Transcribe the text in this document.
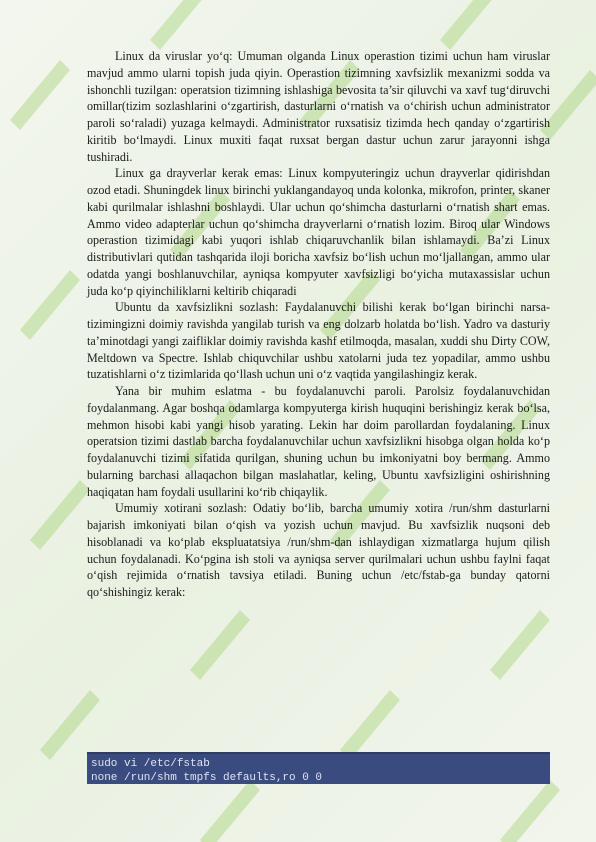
Linux da viruslar yo‘q: Umuman olganda Linux operastion tizimi uchun ham viruslar mavjud ammo ularni topish juda qiyin. Operastion tizimning xavfsizlik mexanizmi sodda va ishonchli tuzilgan: operatsion tizimning ishlashiga bevosita ta’sir qiluvchi va xavf tug‘diruvchi omillar(tizim sozlashlarini o‘zgartirish, dasturlarni o‘rnatish va o‘chirish uchun administrator paroli so‘raladi) yuzaga kelmaydi. Administrator ruxsatisiz tizimda hech qanday o‘zgartirish kiritib bo‘lmaydi. Linux muxiti faqat ruxsat bergan dastur uchun zarur jarayonni ishga tushiradi.

Linux ga drayverlar kerak emas: Linux kompyuteringiz uchun drayverlar qidirishdan ozod etadi. Shuningdek linux birinchi yuklangandayoq unda kolonka, mikrofon, printer, skaner kabi qurilmalar ishlashni boshlaydi. Ular uchun qo‘shimcha dasturlarni o‘rnatish shart emas. Ammo video adapterlar uchun qo‘shimcha drayverlarni o‘rnatish lozim. Biroq ular Windows operastion tizimidagi kabi yuqori ishlab chiqaruvchanlik bilan ishlamaydi. Ba’zi Linux distributivlari qutidan tashqarida iloji boricha xavfsiz bo‘lish uchun mo‘ljallangan, ammo ular odatda yangi boshlanuvchilar, ayniqsa kompyuter xavfsizligi bo‘yicha mutaxassislar uchun juda ko‘p qiyinchiliklarni keltirib chiqaradi

Ubuntu da xavfsizlikni sozlash: Faydalanuvchi bilishi kerak bo‘lgan birinchi narsa-tizimingizni doimiy ravishda yangilab turish va eng dolzarb holatda bo‘lish. Yadro va dasturiy ta’minotdagi yangi zaifliklar doimiy ravishda kashf etilmoqda, masalan, xuddi shu Dirty COW, Meltdown va Spectre. Ishlab chiquvchilar ushbu xatolarni juda tez yopadilar, ammo ushbu tuzatishlarni o‘z tizimlarida qo‘llash uchun uni o‘z vaqtida yangilashingiz kerak.

Yana bir muhim eslatma - bu foydalanuvchi paroli. Parolsiz foydalanuvchidan foydalanmang. Agar boshqa odamlarga kompyuterga kirish huquqini berishingiz kerak bo‘lsa, mehmon hisobi kabi yangi hisob yarating. Lekin har doim parollardan foydalaning. Linux operatsion tizimi dastlab barcha foydalanuvchilar uchun xavfsizlikni hisobga olgan holda ko‘p foydalanuvchi tizimi sifatida qurilgan, shuning uchun bu imkoniyatni boy bermang. Ammo bularning barchasi allaqachon bilgan maslahatlar, keling, Ubuntu xavfsizligini oshirishning haqiqatan ham foydali usullarini ko‘rib chiqaylik.

Umumiy xotirani sozlash: Odatiy bo‘lib, barcha umumiy xotira /run/shm dasturlarni bajarish imkoniyati bilan o‘qish va yozish uchun mavjud. Bu xavfsizlik nuqsoni deb hisoblanadi va ko‘plab ekspluatatsiya /run/shm-dan ishlaydigan xizmatlarga hujum qilish uchun foydalanadi. Ko‘pgina ish stoli va ayniqsa server qurilmalari uchun ushbu faylni faqat o‘qish rejimida o‘rnatish tavsiya etiladi. Buning uchun /etc/fstab-ga bunday qatorni qo‘shishingiz kerak:

sudo vi /etc/fstab
none /run/shm tmpfs defaults,ro 0 0
